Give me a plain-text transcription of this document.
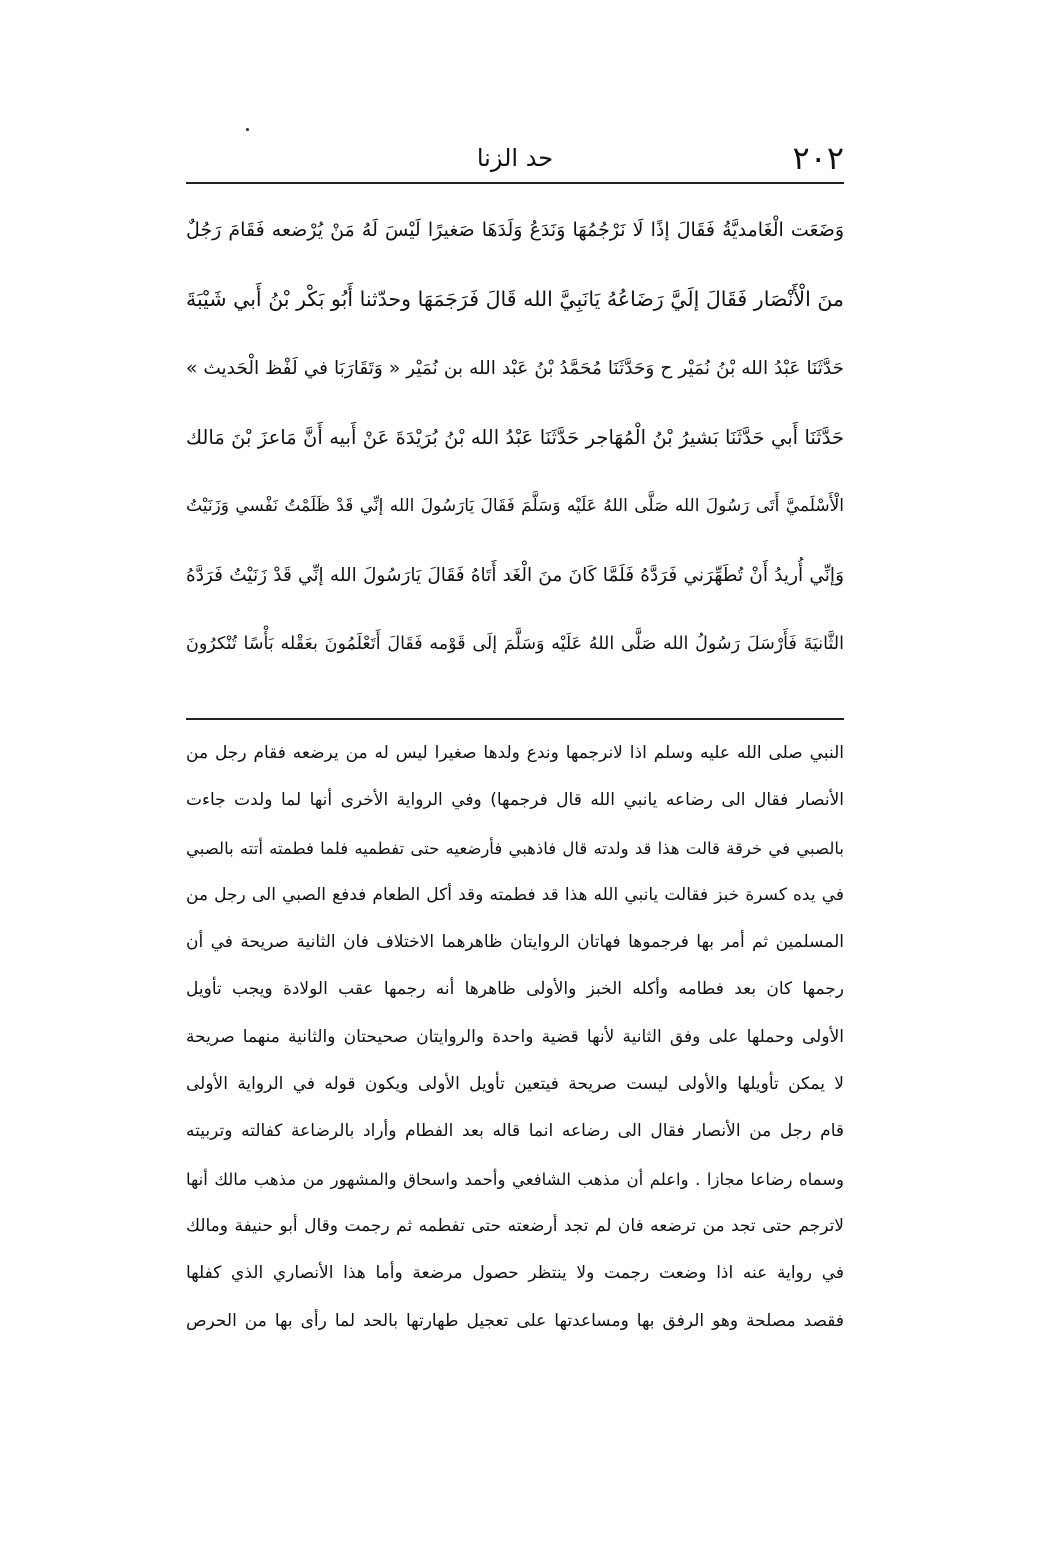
٢٠٢
حد الزنا
وَضَعَت الْغَامديَّةُ فَقَالَ إذًا لَا نَرْجُمُهَا وَنَدَعُ وَلَدَهَا صَغيرًا لَيْسَ لَهُ مَنْ يُرْضعه فَقَامَ رَجُلٌ
منَ الْأَنْصَار فَقَالَ إلَيَّ رَضَاعُهُ يَانَبِيَّ الله قَالَ فَرَجَمَهَا وحدّثنا أَبُو بَكْر بْنُ أَبي شَيْبَةَ
حَدَّثَنَا عَبْدُ الله بْنُ نُمَيْر ح وَحَدَّثَنَا مُحَمَّدُ بْنُ عَبْد الله بن نُمَيْر « وَتَقَارَبَا في لَفْظ الْحَديث »
حَدَّثَنَا أَبي حَدَّثَنَا بَشيرُ بْنُ الْمُهَاجر حَدَّثَنَا عَبْدُ الله بْنُ بُرَيْدَةَ عَنْ أَبيه أَنَّ مَاعزَ بْنَ مَالك
الْأَسْلَميَّ أَتَى رَسُولَ الله صَلَّى اللهُ عَلَيْه وَسَلَّمَ فَقَالَ يَارَسُولَ الله إنِّي قَدْ ظَلَمْتُ نَفْسي وَزَنَيْتُ
وَإنِّي أُريدُ أَنْ تُطَهِّرَني فَرَدَّهُ فَلَمَّا كَانَ منَ الْغَد أَتَاهُ فَقَالَ يَارَسُولَ الله إنِّي قَدْ زَنَيْتُ فَرَدَّهُ
الثَّانيَةَ فَأَرْسَلَ رَسُولُ الله صَلَّى اللهُ عَلَيْه وَسَلَّمَ إلَى قَوْمه فَقَالَ أَتَعْلَمُونَ بعَقْله بَأْسًا تُنْكرُونَ
النبي صلى الله عليه وسلم اذا لانرجمها وندع ولدها صغيرا ليس له من يرضعه فقام رجل من
الأنصار فقال الى رضاعه يانبي الله قال فرجمها) وفي الرواية الأخرى أنها لما ولدت جاءت
بالصبي في خرقة قالت هذا قد ولدته قال فاذهبي فأرضعيه حتى تفطميه فلما فطمته أتته بالصبي
في يده كسرة خبز فقالت يانبي الله هذا قد فطمته وقد أكل الطعام فدفع الصبي الى رجل من
المسلمين ثم أمر بها فرجموها فهاتان الروايتان ظاهرهما الاختلاف فان الثانية صريحة في أن
رجمها كان بعد فطامه وأكله الخبز والأولى ظاهرها أنه رجمها عقب الولادة ويجب تأويل
الأولى وحملها على وفق الثانية لأنها قضية واحدة والروايتان صحيحتان والثانية منهما صريحة
لا يمكن تأويلها والأولى ليست صريحة فيتعين تأويل الأولى ويكون قوله في الرواية الأولى
قام رجل من الأنصار فقال الى رضاعه انما قاله بعد الفطام وأراد بالرضاعة كفالته وتربيته
وسماه رضاعا مجازا . واعلم أن مذهب الشافعي وأحمد واسحاق والمشهور من مذهب مالك أنها
لاترجم حتى تجد من ترضعه فان لم تجد أرضعته حتى تفطمه ثم رجمت وقال أبو حنيفة ومالك
في رواية عنه اذا وضعت رجمت ولا ينتظر حصول مرضعة وأما هذا الأنصاري الذي كفلها
فقصد مصلحة وهو الرفق بها ومساعدتها على تعجيل طهارتها بالحد لما رأى بها من الحرص
